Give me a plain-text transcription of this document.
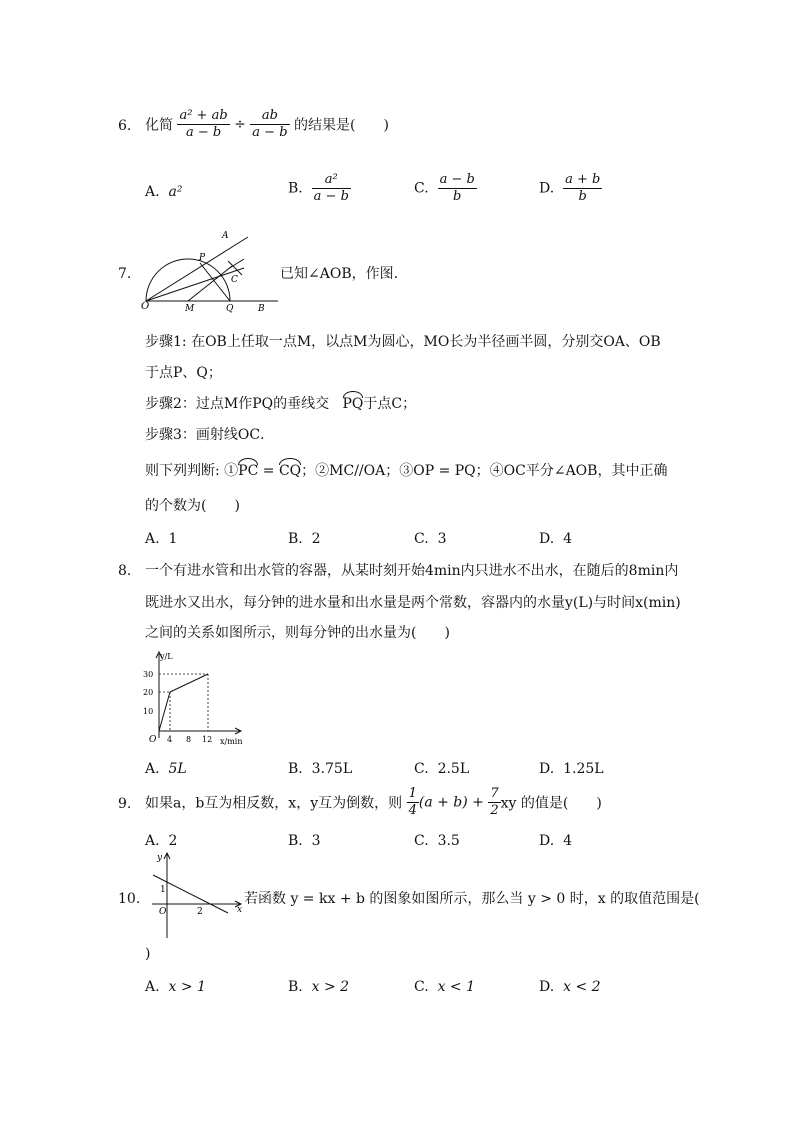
6. 化简 $\frac{\text{a² + ab}}{a - b} \div \frac{ab}{a - b}$ 的结果是(　　)
A. a²	B. $\frac{\text{a²}}{a - b}$	C. $\frac{a - b}{b}$	D. $\frac{a + b}{b}$
7.
A
P
C
O	M	Q	B
已知∠AOB，作图.
步骤1: 在OB上任取一点M，以点M为圆心，MO长为半径画半圆，分别交OA、OB
于点P、Q；
步骤2：过点M作PQ的垂线交 PQ于点C；
步骤3：画射线OC．
则下列判断: ①PC = CQ；②MC//OA；③OP = PQ；④OC平分∠AOB，其中正确
的个数为(　　)
A. 1	B. 2	C. 3	D. 4
8. 一个有进水管和出水管的容器，从某时刻开始4min内只进水不出水，在随后的8min内
既进水又出水，每分钟的进水量和出水量是两个常数，容器内的水量y(L)与时间x(min)
之间的关系如图所示，则每分钟的出水量为(　　)
y/L
x/min
30
20
10
O 4 8 12
A. 5L	B. 3.75L	C. 2.5L	D. 1.25L
9. 如果a，b互为相反数，x，y互为倒数，则 $\frac{1}{4} (a + b) + \frac{7}{2}$ xy 的值是(　　)
A. 2	B. 3	C. 3.5	D. 4
10.
y
x
O
1
2
若函数 y = kx + b 的图象如图所示，那么当 y > 0 时，x 的取值范围是(
)
A. x > 1	B. x > 2	C. x < 1	D. x < 2
